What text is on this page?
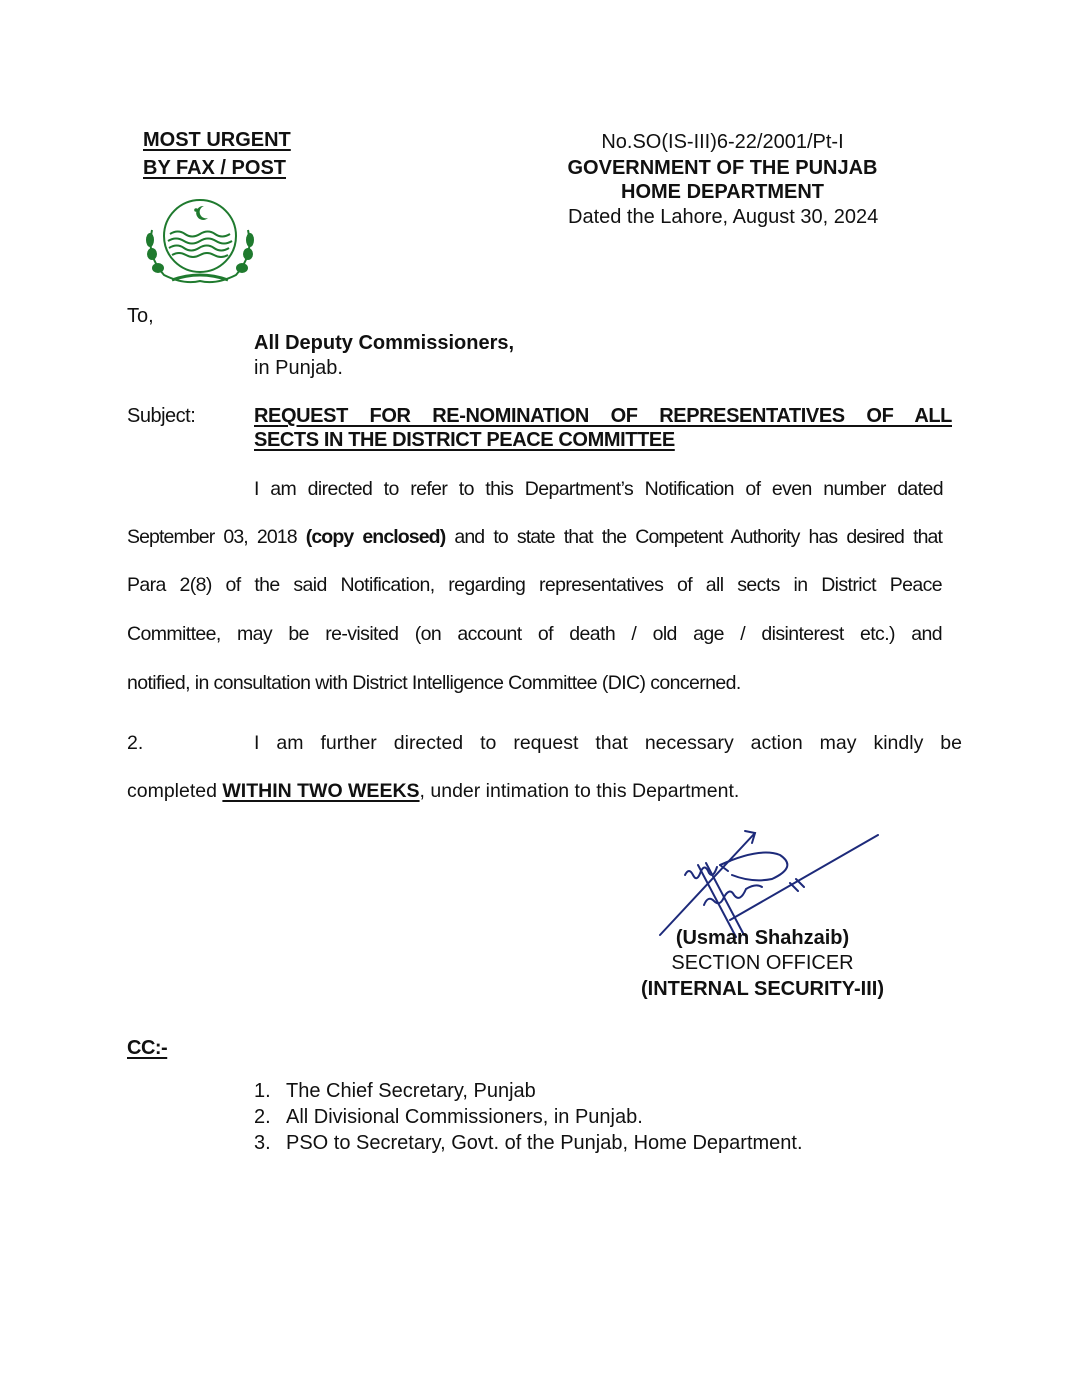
MOST URGENT
BY FAX / POST
No.SO(IS-III)6-22/2001/Pt-I
GOVERNMENT OF THE PUNJAB
HOME DEPARTMENT
Dated the Lahore, August 30, 2024
To,
All Deputy Commissioners,
in Punjab.
Subject:	REQUEST FOR RE-NOMINATION OF REPRESENTATIVES OF ALL
SECTS IN THE DISTRICT PEACE COMMITTEE
I am directed to refer to this Department’s Notification of even number dated
September 03, 2018 (copy enclosed) and to state that the Competent Authority has desired that
Para 2(8) of the said Notification, regarding representatives of all sects in District Peace
Committee, may be re-visited (on account of death / old age / disinterest etc.) and
notified, in consultation with District Intelligence Committee (DIC) concerned.
2.	I am further directed to request that necessary action may kindly be
completed WITHIN TWO WEEKS, under intimation to this Department.
(Usman Shahzaib)
SECTION OFFICER
(INTERNAL SECURITY-III)
CC:-
1. The Chief Secretary, Punjab
2. All Divisional Commissioners, in Punjab.
3. PSO to Secretary, Govt. of the Punjab, Home Department.
